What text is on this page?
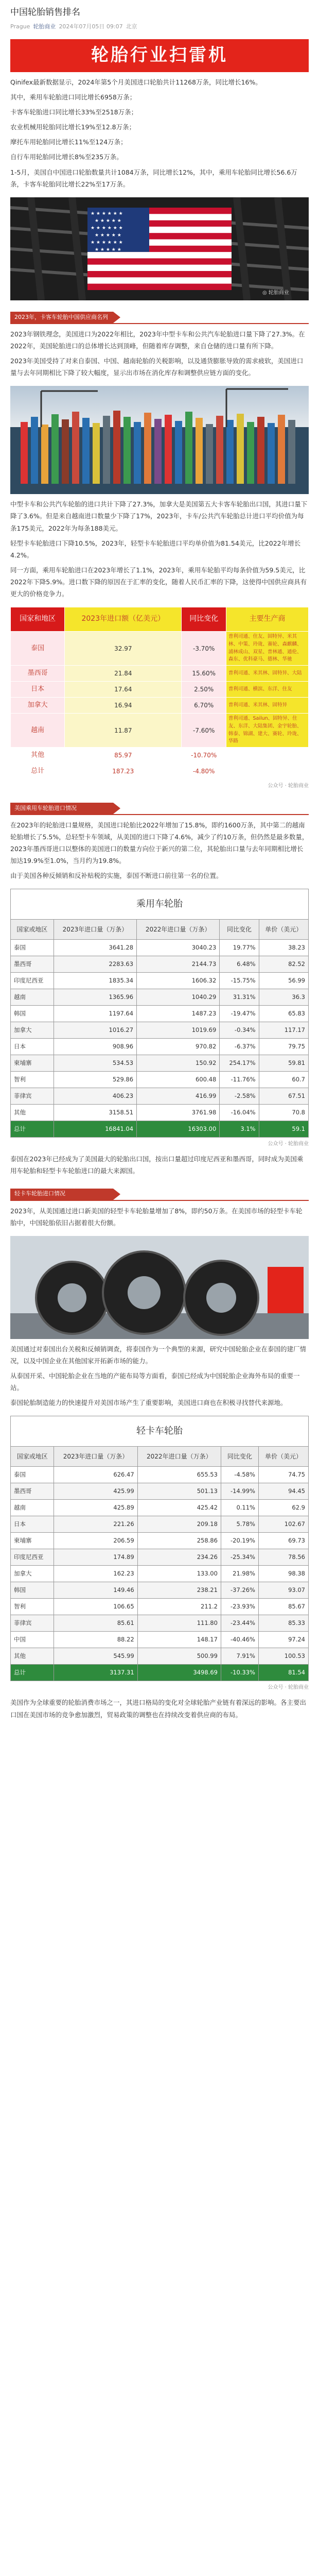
中国轮胎销售排名
Prague 轮胎商业 2024年07月05日 09:07 北京
轮胎行业扫雷机

Qinifex最新数据显示，2024年第5个月美国进口轮胎共计11268万条，同比增长16%。

其中，乘用车轮胎进口同比增长6958万条；

卡客车轮胎进口同比增长33%至2518万条；

农业机械用轮胎同比增长19%至12.8万条；

摩托车用轮胎同比增长11%至124万条；

自行车用轮胎同比增长8%至235万条。

1-5月，美国自中国进口轮胎数量共计1084万条，同比增长12%，其中，乘用车轮胎同比增长56.6万条，卡客车轮胎同比增长22%至17万条。

★ ★ ★ ★ ★ ★
★ ★ ★ ★ ★
★ ★ ★ ★ ★ ★
★ ★ ★ ★ ★
★ ★ ★ ★ ★ ★
★ ★ ★ ★ ★
◎ 轮胎商业
2023年，卡客车轮胎中国供应商名列

2023年钢铁理念，美国进口为2022年相比，2023年中型卡车和公共汽车轮胎进口量下降了27.3%。在2022年，美国轮胎进口的总体增长达到顶峰，但随着库存调整，来自仓储的进口量有所下降。

2023年美国受持了对来自泰国、中国、越南轮胎的关税影响，以及通货膨胀导致的需求疲软，美国进口量与去年同期相比下降了较大幅度，显示出市场在消化库存和调整供应链方面的变化。

中型卡车和公共汽车轮胎的进口共计下降了27.3%，加拿大是美国第五大卡客车轮胎出口国，其进口量下降了3.6%。但是来自越南进口数量少下降了17%，2023年，卡车/公共汽车轮胎总计进口平均价值为每条175美元，2022年为每条188美元。

轻型卡车轮胎进口下降10.5%，2023年，轻型卡车轮胎进口平均单价值为81.54美元，比2022年增长4.2%。

同一方面，乘用车轮胎进口在2023年增长了1.1%，2023年，乘用车轮胎平均每条价值为59.5美元，比2022年下降5.9%。进口数下降的原因在于汇率的变化，随着人民币汇率的下降，这使得中国供应商具有更大的价格竞争力。

国家和地区	2023年进口额（亿美元）	同比变化	主要生产商
泰国	32.97	-3.70%	普利司通、住友、固特异、米其林、中策、玲珑、赛轮、森麒麟、浦林成山、双星、普林通、通伦、森东、优科豪马、德林、华驰
墨西哥	21.84	15.60%	普利司通、米其林、固特异、大陆
日本	17.64	2.50%	普利司通、横滨、东洋、住友
加拿大	16.94	6.70%	普利司通、米其林、固特异
越南	11.87	-7.60%	普利司通、Sailun、固特异、住友、东洋、大陆集团、金宇轮胎、韩泰、锦湖、建大、赛轮、玲珑、华路
其他	85.97	-10.70%	
总计	187.23	-4.80%	
公众号 · 轮胎商业
美国乘用车轮胎进口情况

在2023年的轮胎进口量规格，美国进口轮胎比2022年增加了15.8%，即约1600万条，其中第二的越南轮胎增长了5.5%，总轻型卡车领域，从美国的进口下降了4.6%，减少了约10万条，但仍然是最多数量，2023年墨西哥进口以整体的美国进口的数量方向位于新兴的第二位，其轮胎出口量与去年同期相比增长加达19.9%至1.0%，当月约为19.8%。

由于美国各种反倾销和反补贴税的实施，泰国不断进口前往第一名的位置。

乘用车轮胎
国家或地区	2023年进口量（万条）	2022年进口量（万条）	同比变化	单价（美元）
泰国	3641.28	3040.23	19.77%	38.23
墨西哥	2283.63	2144.73	6.48%	82.52
印度尼西亚	1835.34	1606.32	-15.75%	56.99
越南	1365.96	1040.29	31.31%	36.3
韩国	1197.64	1487.23	-19.47%	65.83
加拿大	1016.27	1019.69	-0.34%	117.17
日本	908.96	970.82	-6.37%	79.75
柬埔寨	534.53	150.92	254.17%	59.81
智利	529.86	600.48	-11.76%	60.7
菲律宾	406.23	416.99	-2.58%	67.51
其他	3158.51	3761.98	-16.04%	70.8
总计	16841.04	16303.00	3.1%	59.1
公众号 · 轮胎商业

泰国在2023年已经成为了美国最大的轮胎出口国，按出口量超过印度尼西亚和墨西哥，同时成为美国乘用车轮胎和轻型卡车轮胎进口的最大来源国。

轻卡车轮胎进口情况

2023年，从美国通过进口新美国的轻型卡车轮胎量增加了8%，即约50万条。在美国市场的轻型卡车轮胎中，中国轮胎依旧占据着很大份额。

美国通过对泰国出台关税和反倾销调查，将泰国作为一个典型的来源，研究中国轮胎企业在泰国的建厂情况，以及中国企业在其他国家开拓新市场的能力。

从泰国开采、中国轮胎企业在当地的产能布局等方面看，泰国已经成为中国轮胎企业海外布局的重要一站。

泰国轮胎制造能力的快速提升对美国市场产生了重要影响，美国进口商也在积极寻找替代来源地。

轻卡车轮胎
国家或地区	2023年进口量（万条）	2022年进口量（万条）	同比变化	单价（美元）
泰国	626.47	655.53	-4.58%	74.75
墨西哥	425.99	501.13	-14.99%	94.45
越南	425.89	425.42	0.11%	62.9
日本	221.26	209.18	5.78%	102.67
柬埔寨	206.59	258.86	-20.19%	69.73
印度尼西亚	174.89	234.26	-25.34%	78.56
加拿大	162.23	133.00	21.98%	98.38
韩国	149.46	238.21	-37.26%	93.07
智利	106.65	211.2	-23.93%	85.67
菲律宾	85.61	111.80	-23.44%	85.33
中国	88.22	148.17	-40.46%	97.24
其他	545.99	500.99	7.91%	100.53
总计	3137.31	3498.69	-10.33%	81.54
公众号 · 轮胎商业

美国作为全球重要的轮胎消费市场之一，其进口格局的变化对全球轮胎产业链有着深远的影响。各主要出口国在美国市场的竞争愈加激烈，贸易政策的调整也在持续改变着供应商的布局。
